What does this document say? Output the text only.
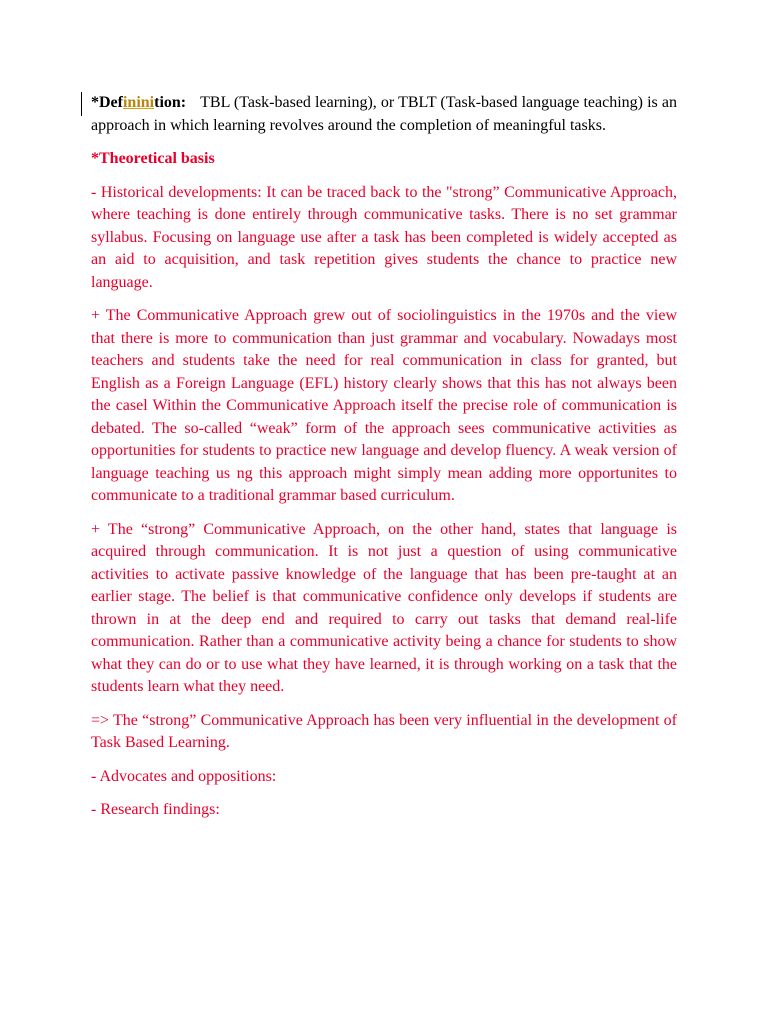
*Defininition: TBL (Task-based learning), or TBLT (Task-based language teaching) is an approach in which learning revolves around the completion of meaningful tasks.

*Theoretical basis

- Historical developments: It can be traced back to the "strong” Communicative Approach, where teaching is done entirely through communicative tasks. There is no set grammar syllabus. Focusing on language use after a task has been completed is widely accepted as an aid to acquisition, and task repetition gives students the chance to practice new language.

+ The Communicative Approach grew out of sociolinguistics in the 1970s and the view that there is more to communication than just grammar and vocabulary. Nowadays most teachers and students take the need for real communication in class for granted, but English as a Foreign Language (EFL) history clearly shows that this has not always been the casel Within the Communicative Approach itself the precise role of communication is debated. The so-called “weak” form of the approach sees communicative activities as opportunities for students to practice new language and develop fluency. A weak version of language teaching us ng this approach might simply mean adding more opportunites to communicate to a traditional grammar based curriculum.

+ The “strong” Communicative Approach, on the other hand, states that language is acquired through communication. It is not just a question of using communicative activities to activate passive knowledge of the language that has been pre-taught at an earlier stage. The belief is that communicative confidence only develops if students are thrown in at the deep end and required to carry out tasks that demand real-life communication. Rather than a communicative activity being a chance for students to show what they can do or to use what they have learned, it is through working on a task that the students learn what they need.

=> The “strong” Communicative Approach has been very influential in the development of Task Based Learning.

- Advocates and oppositions:

- Research findings:
